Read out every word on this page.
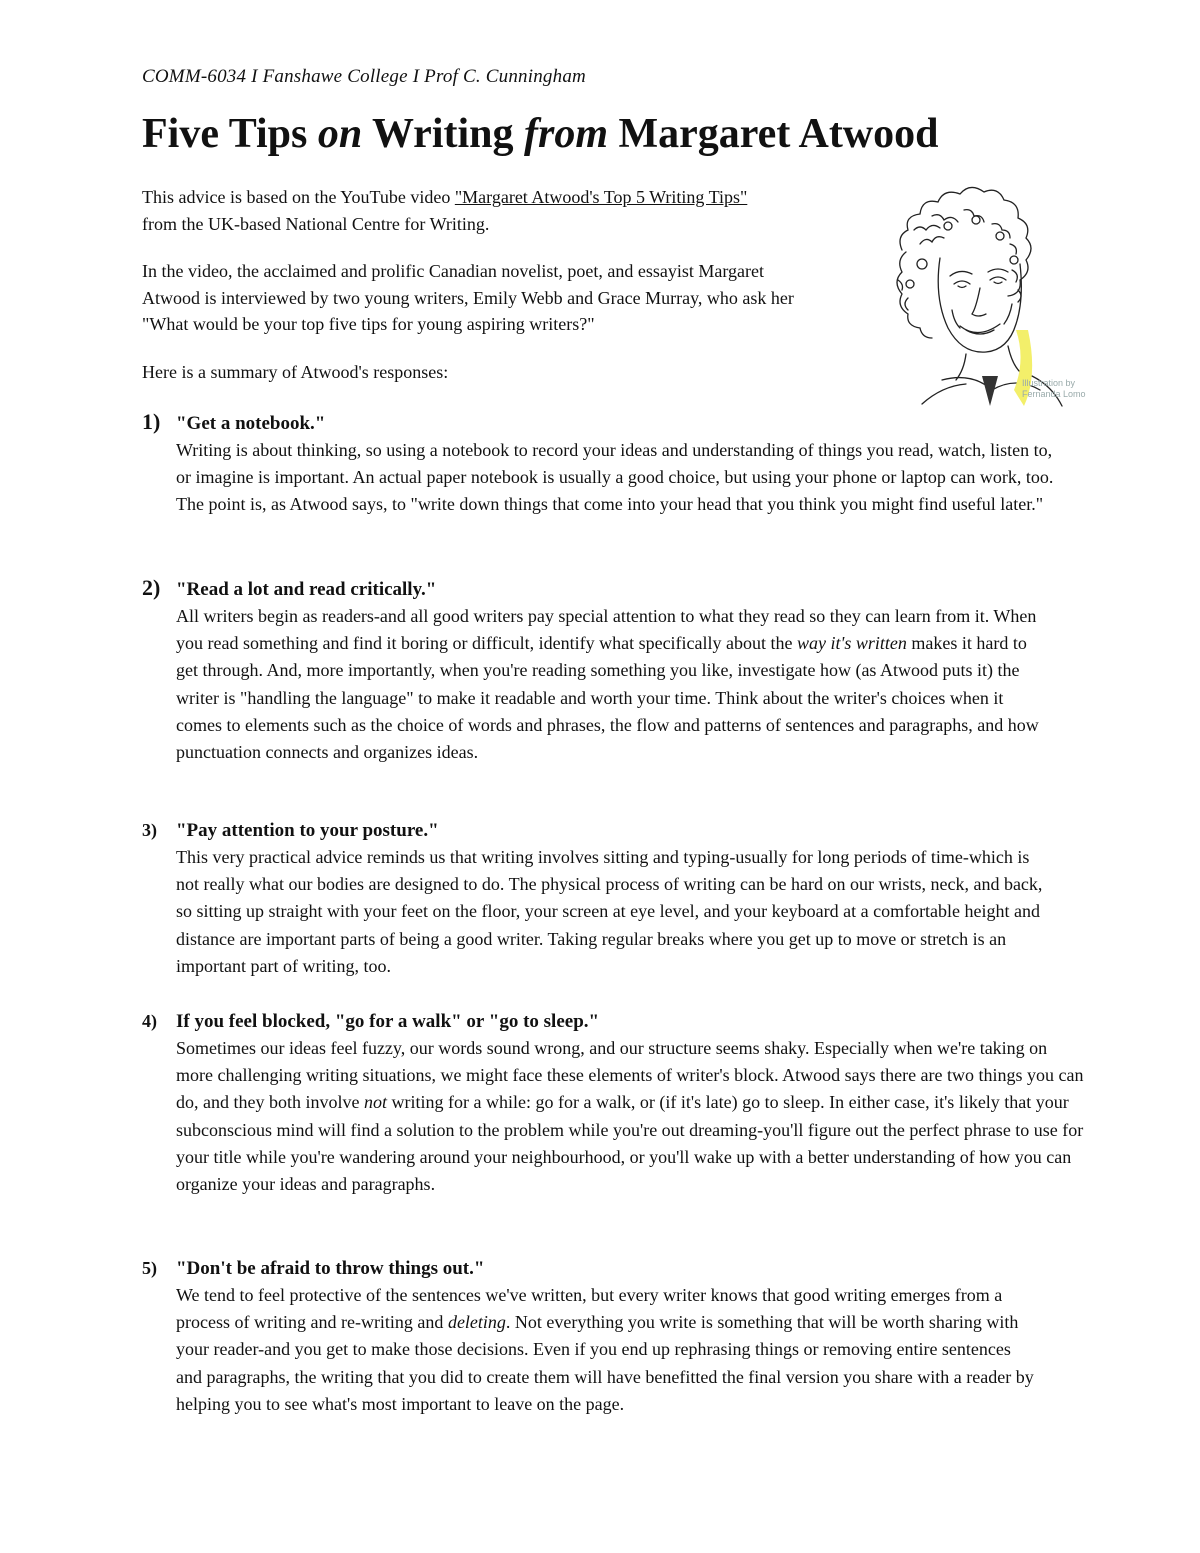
COMM-6034 I Fanshawe College I Prof C. Cunningham
Five Tips on Writing from Margaret Atwood

This advice is based on the YouTube video "Margaret Atwood's Top 5 Writing Tips"
from the UK-based National Centre for Writing.

In the video, the acclaimed and prolific Canadian novelist, poet, and essayist Margaret Atwood is interviewed by two young writers, Emily Webb and Grace Murray, who ask her "What would be your top five tips for young aspiring writers?"

Here is a summary of Atwood's responses:

Illustration by
Fernanda Lomo
1) "Get a notebook."
Writing is about thinking, so using a notebook to record your ideas and understanding of things you read, watch, listen to, or imagine is important. An actual paper notebook is usually a good choice, but using your phone or laptop can work, too. The point is, as Atwood says, to "write down things that come into your head that you think you might find useful later."
2) "Read a lot and read critically."
All writers begin as readers-and all good writers pay special attention to what they read so they can learn from it. When you read something and find it boring or difficult, identify what specifically about the way it's written makes it hard to get through. And, more importantly, when you're reading something you like, investigate how (as Atwood puts it) the writer is "handling the language" to make it readable and worth your time. Think about the writer's choices when it comes to elements such as the choice of words and phrases, the flow and patterns of sentences and paragraphs, and how punctuation connects and organizes ideas.
3)	"Pay attention to your posture."
This very practical advice reminds us that writing involves sitting and typing-usually for long periods of time-which is not really what our bodies are designed to do. The physical process of writing can be hard on our wrists, neck, and back, so sitting up straight with your feet on the floor, your screen at eye level, and your keyboard at a comfortable height and distance are important parts of being a good writer. Taking regular breaks where you get up to move or stretch is an important part of writing, too.
4)	If you feel blocked, "go for a walk" or "go to sleep."
Sometimes our ideas feel fuzzy, our words sound wrong, and our structure seems shaky. Especially when we're taking on more challenging writing situations, we might face these elements of writer's block. Atwood says there are two things you can do, and they both involve not writing for a while: go for a walk, or (if it's late) go to sleep. In either case, it's likely that your subconscious mind will find a solution to the problem while you're out dreaming-you'll figure out the perfect phrase to use for your title while you're wandering around your neighbourhood, or you'll wake up with a better understanding of how you can organize your ideas and paragraphs.
5)	"Don't be afraid to throw things out."
We tend to feel protective of the sentences we've written, but every writer knows that good writing emerges from a process of writing and re-writing and deleting. Not everything you write is something that will be worth sharing with your reader-and you get to make those decisions. Even if you end up rephrasing things or removing entire sentences and paragraphs, the writing that you did to create them will have benefitted the final version you share with a reader by helping you to see what's most important to leave on the page.
